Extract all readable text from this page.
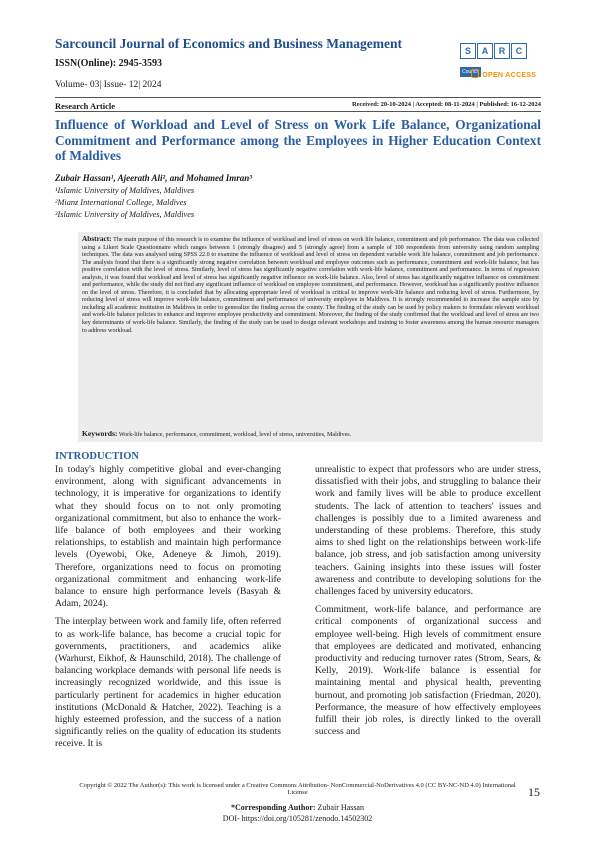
Sarcouncil Journal of Economics and Business Management
ISSN(Online): 2945-3593
Volume- 03| Issue- 12| 2024
S A R CCouncil OPEN ACCESS
Research Article	Received: 20-10-2024 | Accepted: 08-11-2024 | Published: 16-12-2024
Influence of Workload and Level of Stress on Work Life Balance, Organizational Commitment and Performance among the Employees in Higher Education Context of Maldives
Zubair Hassan¹, Ajeerath Ali², and Mohamed Imran³
¹Islamic University of Maldives, Maldives
²Mianz International College, Maldives
³Islamic University of Maldives, Maldives
Abstract: The main purpose of this research is to examine the influence of workload and level of stress on work life balance, commitment and job performance. The data was collected using a Likert Scale Questionnaire which ranges between 1 (strongly disagree) and 5 (strongly agree) from a sample of 100 respondents from university using random sampling techniques. The data was analysed using SPSS 22.0 to examine the influence of workload and level of stress on dependent variable work life balance, commitment and job performance. The analysis found that there is a significantly strong negative correlation between workload and employee outcomes such as performance, commitment and work-life balance, but has positive correlation with the level of stress. Similarly, level of stress has significantly negative correlation with work-life balance, commitment and performance. In terms of regression analysis, it was found that workload and level of stress has significantly negative influence on work-life balance. Also, level of stress has significantly negative influence on commitment and performance, while the study did not find any significant influence of workload on employee commitment, and performance. However, workload has a significantly positive influence on the level of stress. Therefore, it is concluded that by allocating appropriate level of workload is critical to improve work-life balance and reducing level of stress. Furthermore, by reducing level of stress will improve work-life balance, commitment and performance of university employee in Maldives. It is strongly recommended to increase the sample size by including all academic institution in Maldives in order to generalize the finding across the county. The finding of the study can be used by policy makers to formulate relevant workload and work-life balance policies to enhance and improve employee productivity and commitment. Moreover, the finding of the study confirmed that the workload and level of stress are two key determinants of work-life balance. Similarly, the finding of the study can be used to design relevant workshops and training to foster awareness among the human resource managers to address workload.
Keywords: Work-life balance, performance, commitment, workload, level of stress, universities, Maldives.
INTRODUCTION

In today's highly competitive global and ever-changing environment, along with significant advancements in technology, it is imperative for organizations to identify what they should focus on to not only promoting organizational commitment, but also to enhance the work-life balance of both employees and their working relationships, to establish and maintain high performance levels (Oyewobi, Oke, Adeneye & Jimoh, 2019). Therefore, organizations need to focus on promoting organizational commitment and enhancing work-life balance to ensure high performance levels (Basyah & Adam, 2024).

The interplay between work and family life, often referred to as work-life balance, has become a crucial topic for governments, practitioners, and academics alike (Warhurst, Eikhof, & Haunschild, 2018). The challenge of balancing workplace demands with personal life needs is increasingly recognized worldwide, and this issue is particularly pertinent for academics in higher education institutions (McDonald & Hatcher, 2022). Teaching is a highly esteemed profession, and the success of a nation significantly relies on the quality of education its students receive. It is

unrealistic to expect that professors who are under stress, dissatisfied with their jobs, and struggling to balance their work and family lives will be able to produce excellent students. The lack of attention to teachers' issues and challenges is possibly due to a limited awareness and understanding of these problems. Therefore, this study aims to shed light on the relationships between work-life balance, job stress, and job satisfaction among university teachers. Gaining insights into these issues will foster awareness and contribute to developing solutions for the challenges faced by university educators.

Commitment, work-life balance, and performance are critical components of organizational success and employee well-being. High levels of commitment ensure that employees are dedicated and motivated, enhancing productivity and reducing turnover rates (Strom, Sears, & Kelly, 2019). Work-life balance is essential for maintaining mental and physical health, preventing burnout, and promoting job satisfaction (Friedman, 2020). Performance, the measure of how effectively employees fulfill their job roles, is directly linked to the overall success and

15
Copyright © 2022 The Author(s): This work is licensed under a Creative Commons Attribution- NonCommercial-NoDerivatives 4.0 (CC BY-NC-ND 4.0) International License
*Corresponding Author: Zubair Hassan
DOI- https://doi.org/105281/zenodo.14502302
